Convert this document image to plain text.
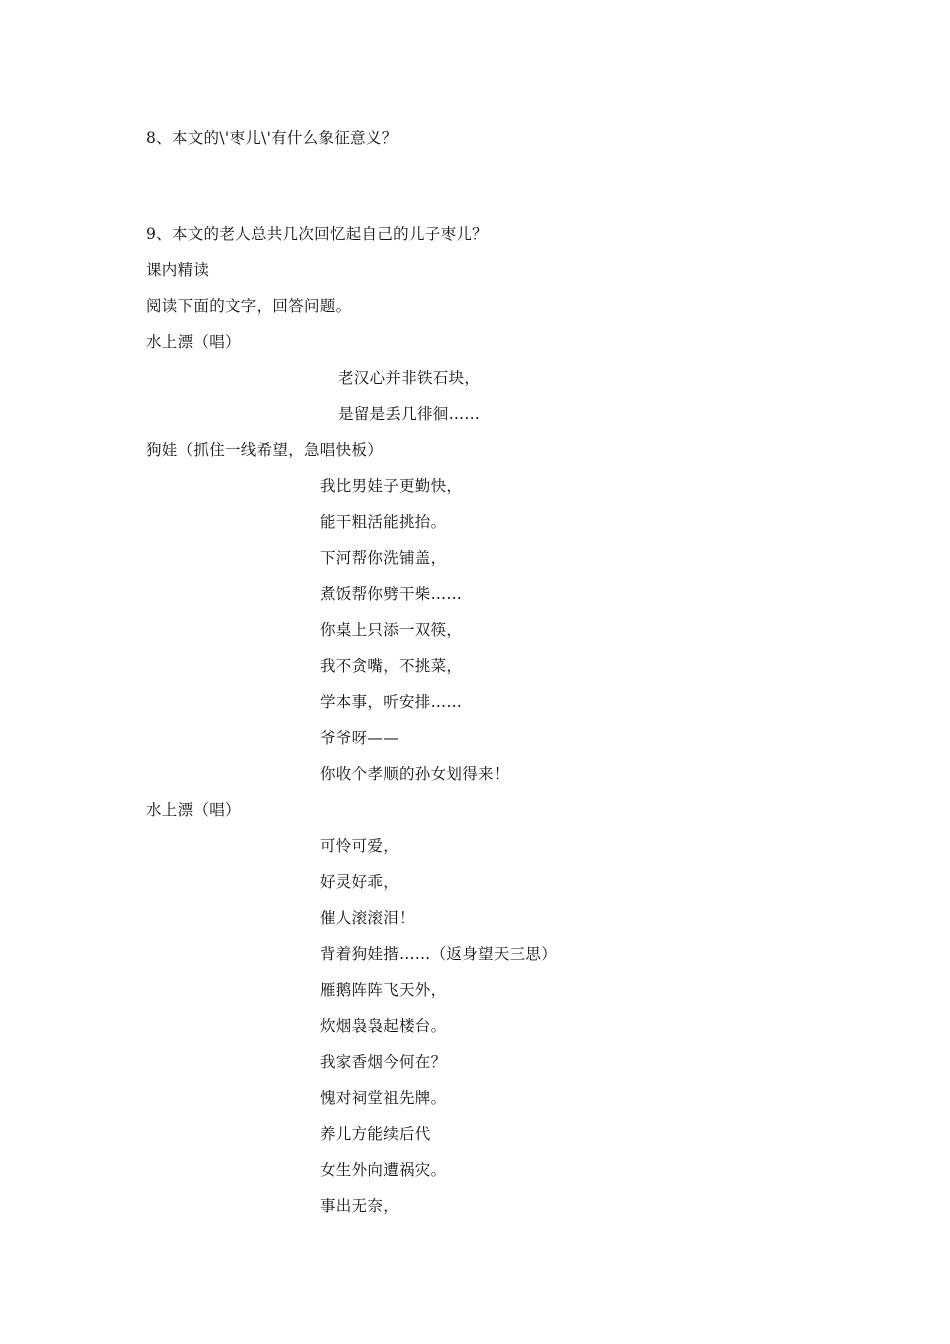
8、本文的\'枣儿\'有什么象征意义？
9、本文的老人总共几次回忆起自己的儿子枣儿？
课内精读
阅读下面的文字，回答问题。
水上漂（唱）
老汉心并非铁石块，
是留是丢几徘徊……
狗娃（抓住一线希望，急唱快板）
我比男娃子更勤快，
能干粗活能挑抬。
下河帮你洗铺盖，
煮饭帮你劈干柴……
你桌上只添一双筷，
我不贪嘴，不挑菜，
学本事，听安排……
爷爷呀——
你收个孝顺的孙女划得来！
水上漂（唱）
可怜可爱，
好灵好乖，
催人滚滚泪！
背着狗娃揩……（返身望天三思）
雁鹅阵阵飞天外，
炊烟袅袅起楼台。
我家香烟今何在？
愧对祠堂祖先牌。
养儿方能续后代
女生外向遭祸灾。
事出无奈，
